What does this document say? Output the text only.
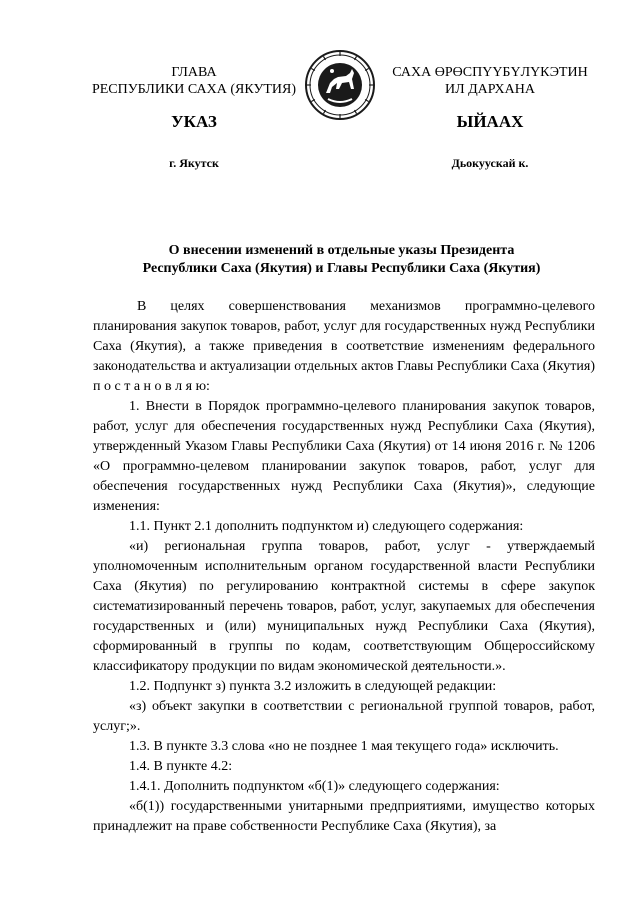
ГЛАВА
РЕСПУБЛИКИ САХА (ЯКУТИЯ)
САХА ӨРӨСПҮҮБҮЛҮКЭТИН
ИЛ ДАРХАНА
УКАЗ	ЫЙААХ
г. Якутск	Дьокуускай к.
О внесении изменений в отдельные указы Президента
Республики Саха (Якутия) и Главы Республики Саха (Якутия)

В целях совершенствования механизмов программно-целевого планирования закупок товаров, работ, услуг для государственных нужд Республики Саха (Якутия), а также приведения в соответствие изменениям федерального законодательства и актуализации отдельных актов Главы Республики Саха (Якутия) п о с т а н о в л я ю:

1. Внести в Порядок программно-целевого планирования закупок товаров, работ, услуг для обеспечения государственных нужд Республики Саха (Якутия), утвержденный Указом Главы Республики Саха (Якутия) от 14 июня 2016 г. № 1206 «О программно-целевом планировании закупок товаров, работ, услуг для обеспечения государственных нужд Республики Саха (Якутия)», следующие изменения:

1.1. Пункт 2.1 дополнить подпунктом и) следующего содержания:

«и) региональная группа товаров, работ, услуг - утверждаемый уполномоченным исполнительным органом государственной власти Республики Саха (Якутия) по регулированию контрактной системы в сфере закупок систематизированный перечень товаров, работ, услуг, закупаемых для обеспечения государственных и (или) муниципальных нужд Республики Саха (Якутия), сформированный в группы по кодам, соответствующим Общероссийскому классификатору продукции по видам экономической деятельности.».

1.2. Подпункт з) пункта 3.2 изложить в следующей редакции:

«з) объект закупки в соответствии с региональной группой товаров, работ, услуг;».

1.3. В пункте 3.3 слова «но не позднее 1 мая текущего года» исключить.

1.4. В пункте 4.2:

1.4.1. Дополнить подпунктом «б(1)» следующего содержания:

«б(1)) государственными унитарными предприятиями, имущество которых принадлежит на праве собственности Республике Саха (Якутия), за
